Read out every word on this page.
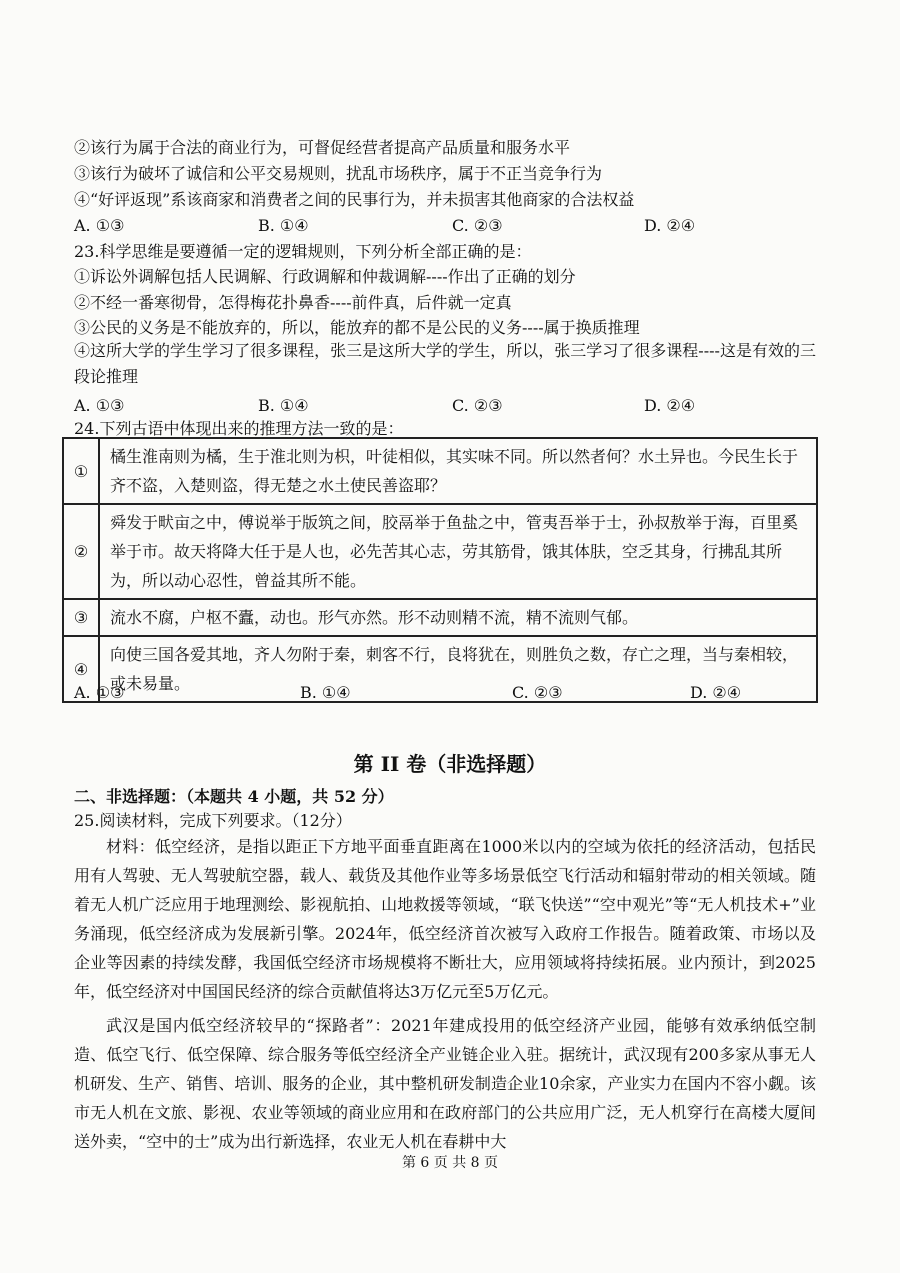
②该行为属于合法的商业行为，可督促经营者提高产品质量和服务水平
③该行为破坏了诚信和公平交易规则，扰乱市场秩序，属于不正当竞争行为
④“好评返现”系该商家和消费者之间的民事行为，并未损害其他商家的合法权益
A. ①③	B. ①④	C. ②③	D. ②④
23.科学思维是要遵循一定的逻辑规则，下列分析全部正确的是：
①诉讼外调解包括人民调解、行政调解和仲裁调解----作出了正确的划分
②不经一番寒彻骨，怎得梅花扑鼻香----前件真，后件就一定真
③公民的义务是不能放弃的，所以，能放弃的都不是公民的义务----属于换质推理
④这所大学的学生学习了很多课程，张三是这所大学的学生，所以，张三学习了很多课程----这是有效的三段论推理
A. ①③	B. ①④	C. ②③	D. ②④
24.下列古语中体现出来的推理方法一致的是：
①	橘生淮南则为橘，生于淮北则为枳，叶徒相似，其实味不同。所以然者何？水土异也。今民生长于齐不盗，入楚则盗，得无楚之水土使民善盗耶？
②	舜发于畎亩之中，傅说举于版筑之间，胶鬲举于鱼盐之中，管夷吾举于士，孙叔敖举于海，百里奚举于市。故天将降大任于是人也，必先苦其心志，劳其筋骨，饿其体肤，空乏其身，行拂乱其所为，所以动心忍性，曾益其所不能。
③	流水不腐，户枢不蠹，动也。形气亦然。形不动则精不流，精不流则气郁。
④	向使三国各爱其地，齐人勿附于秦，刺客不行，良将犹在，则胜负之数，存亡之理，当与秦相较，或未易量。
A. ①③	B. ①④	C. ②③	D. ②④
第 II 卷（非选择题）
二、非选择题：（本题共 4 小题，共 52 分）
25.阅读材料，完成下列要求。（12分）
材料：低空经济，是指以距正下方地平面垂直距离在1000米以内的空域为依托的经济活动，包括民用有人驾驶、无人驾驶航空器，载人、载货及其他作业等多场景低空飞行活动和辐射带动的相关领域。随着无人机广泛应用于地理测绘、影视航拍、山地救援等领域，“联飞快送”“空中观光”等“无人机技术+”业务涌现，低空经济成为发展新引擎。2024年，低空经济首次被写入政府工作报告。随着政策、市场以及企业等因素的持续发酵，我国低空经济市场规模将不断壮大，应用领域将持续拓展。业内预计，到2025年，低空经济对中国国民经济的综合贡献值将达3万亿元至5万亿元。
武汉是国内低空经济较早的“探路者”：2021年建成投用的低空经济产业园，能够有效承纳低空制造、低空飞行、低空保障、综合服务等低空经济全产业链企业入驻。据统计，武汉现有200多家从事无人机研发、生产、销售、培训、服务的企业，其中整机研发制造企业10余家，产业实力在国内不容小觑。该市无人机在文旅、影视、农业等领域的商业应用和在政府部门的公共应用广泛，无人机穿行在高楼大厦间送外卖，“空中的士”成为出行新选择，农业无人机在春耕中大
第 6 页 共 8 页
